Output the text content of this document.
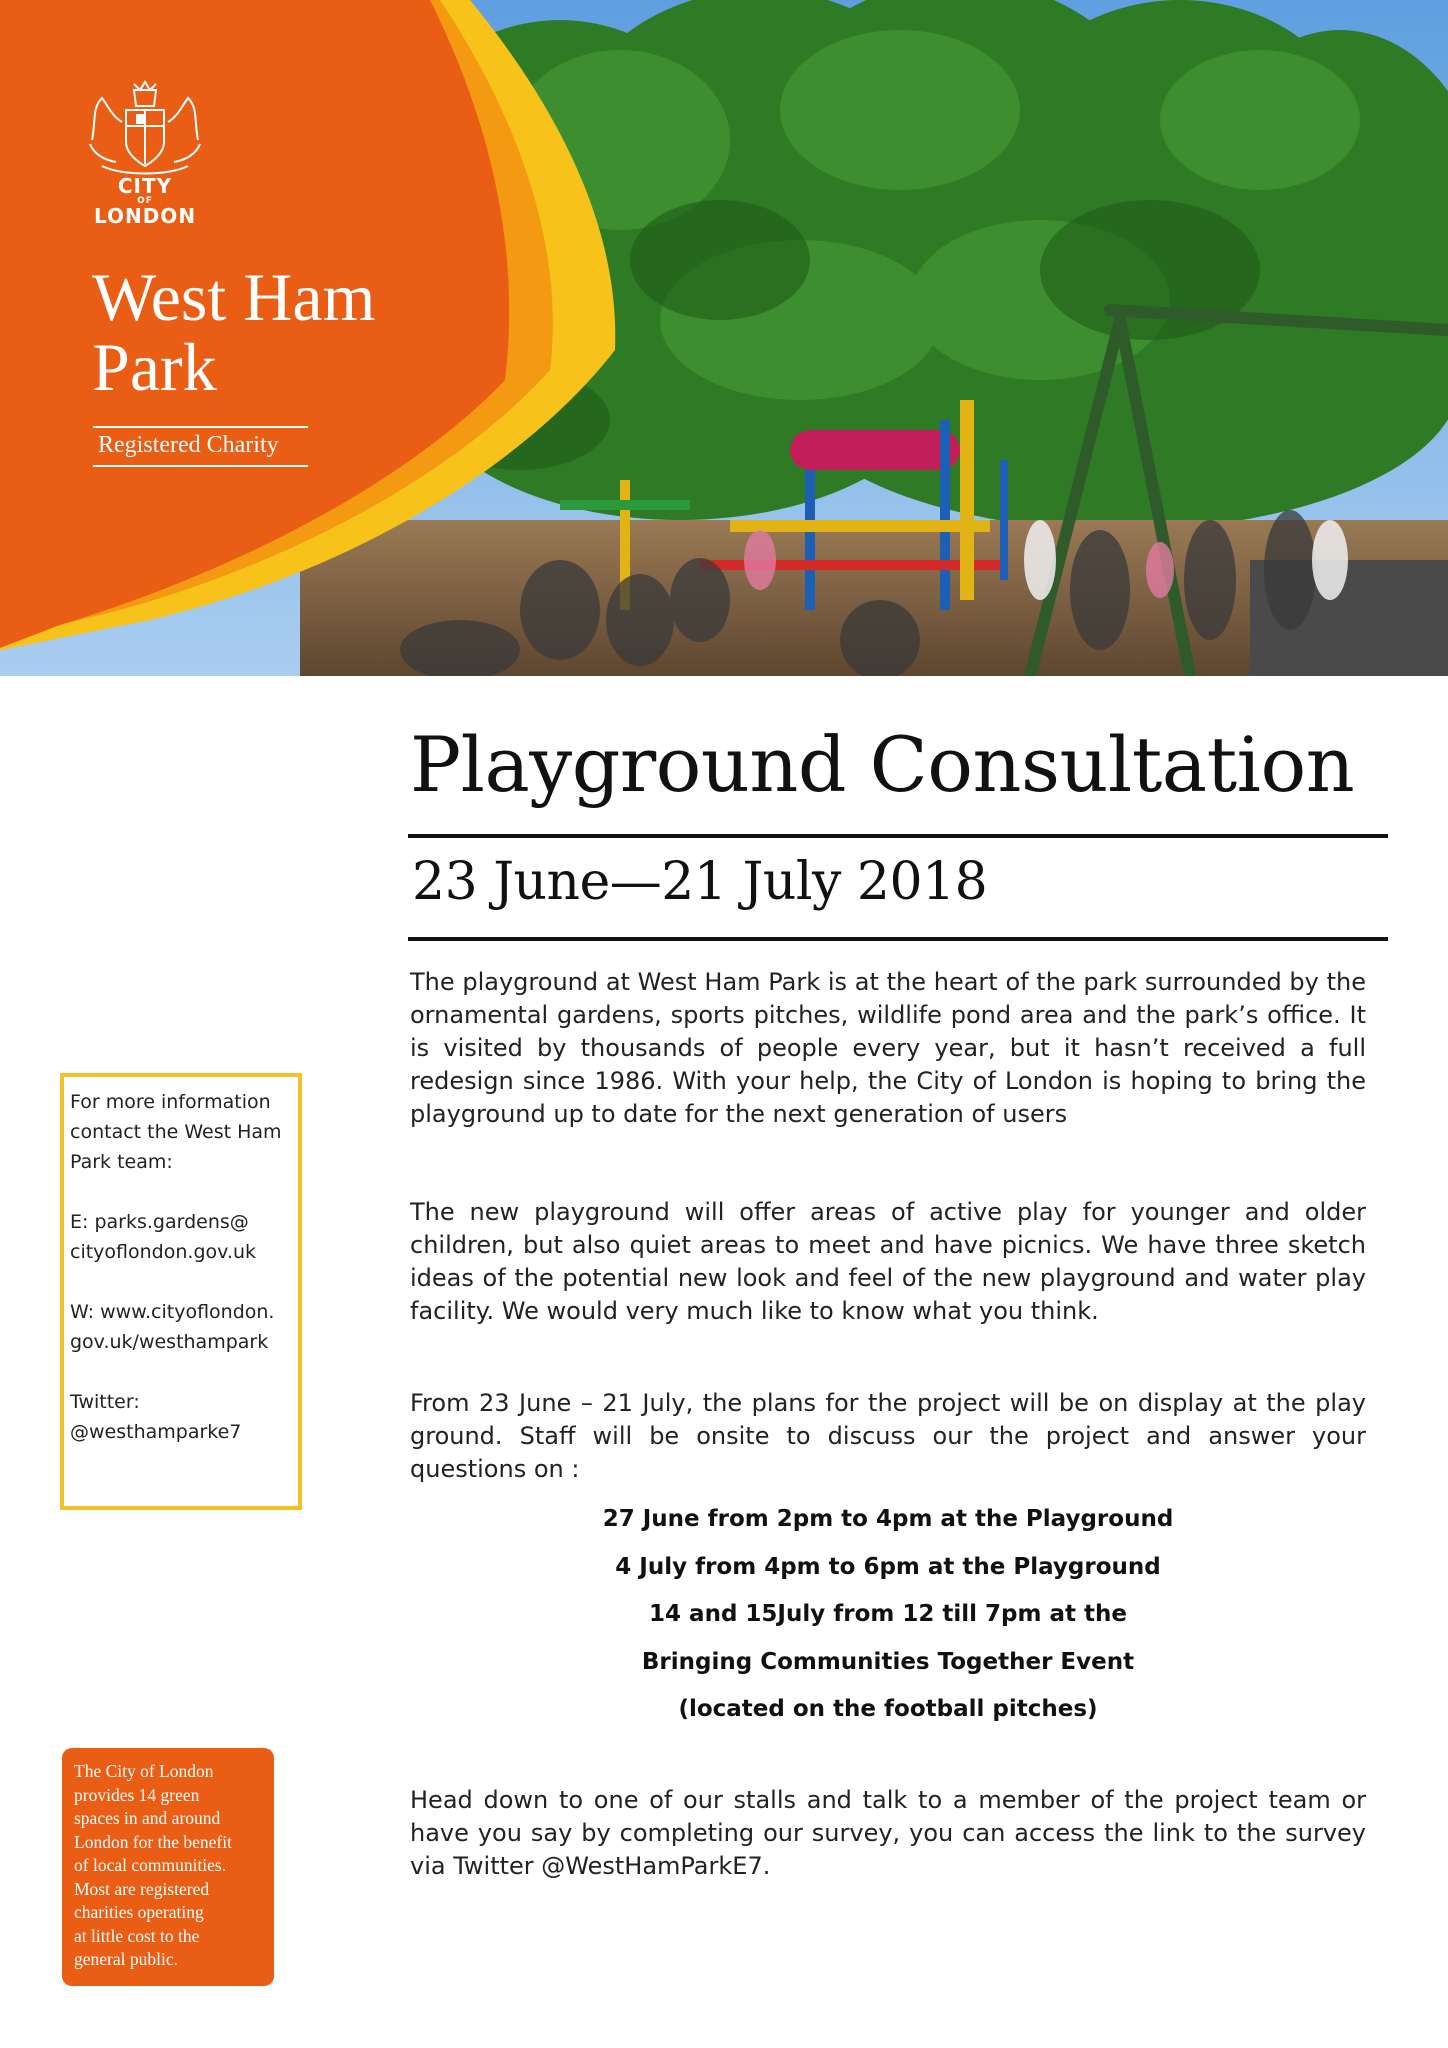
CITY
OF
LONDON
West Ham
Park
Registered Charity
Playground Consultation
23 June—21 July 2018

The playground at West Ham Park is at the heart of the park surrounded by the ornamental gardens, sports pitches, wildlife pond area and the park’s office. It is visited by thousands of people every year, but it hasn’t received a full redesign since 1986. With your help, the City of London is hoping to bring the playground up to date for the next generation of users

The new playground will offer areas of active play for younger and older children, but also quiet areas to meet and have picnics. We have three sketch ideas of the potential new look and feel of the new playground and water play facility. We would very much like to know what you think.

From 23 June – 21 July, the plans for the project will be on display at the play ground. Staff will be onsite to discuss our the project and answer your questions on :

27 June from 2pm to 4pm at the Playground
4 July from 4pm to 6pm at the Playground
14 and 15July from 12 till 7pm at the
Bringing Communities Together Event
(located on the football pitches)

Head down to one of our stalls and talk to a member of the project team or have you say by completing our survey, you can access the link to the survey via Twitter @WestHamParkE7.

For more information

contact the West Ham

Park team:

E: parks.gardens@

cityoflondon.gov.uk

W: www.cityoflondon.

gov.uk/westhampark

Twitter:

@westhamparke7

The City of London
provides 14 green
spaces in and around
London for the benefit
of local communities.
Most are registered
charities operating
at little cost to the
general public.
